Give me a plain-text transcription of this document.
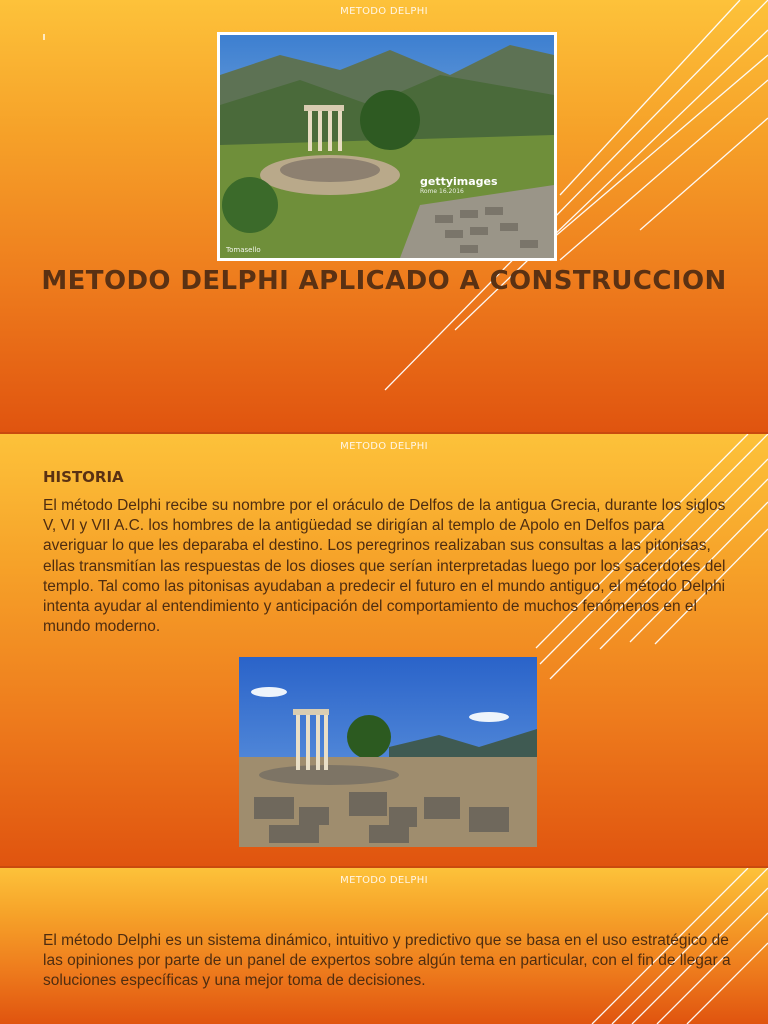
METODO DELPHI
gettyimages
Rome 16.2016
Tomasello
METODO DELPHI APLICADO A CONSTRUCCION
METODO DELPHI
HISTORIA
El método Delphi recibe su nombre por el oráculo de Delfos de la antigua Grecia, durante los siglos V, VI y VII A.C. los hombres de la antigüedad se dirigían al templo de Apolo en Delfos para averiguar lo que les deparaba el destino. Los peregrinos realizaban sus consultas a las pitonisas, ellas transmitían las respuestas de los dioses que serían interpretadas luego por los sacerdotes del templo. Tal como las pitonisas ayudaban a predecir el futuro en el mundo antiguo, el método Delphi intenta ayudar al entendimiento y anticipación del comportamiento de muchos fenómenos en el mundo moderno.
METODO DELPHI
El método Delphi es un sistema dinámico, intuitivo y predictivo que se basa en el uso estratégico de las opiniones por parte de un panel de expertos sobre algún tema en particular, con el fin de llegar a soluciones específicas y una mejor toma de decisiones.
